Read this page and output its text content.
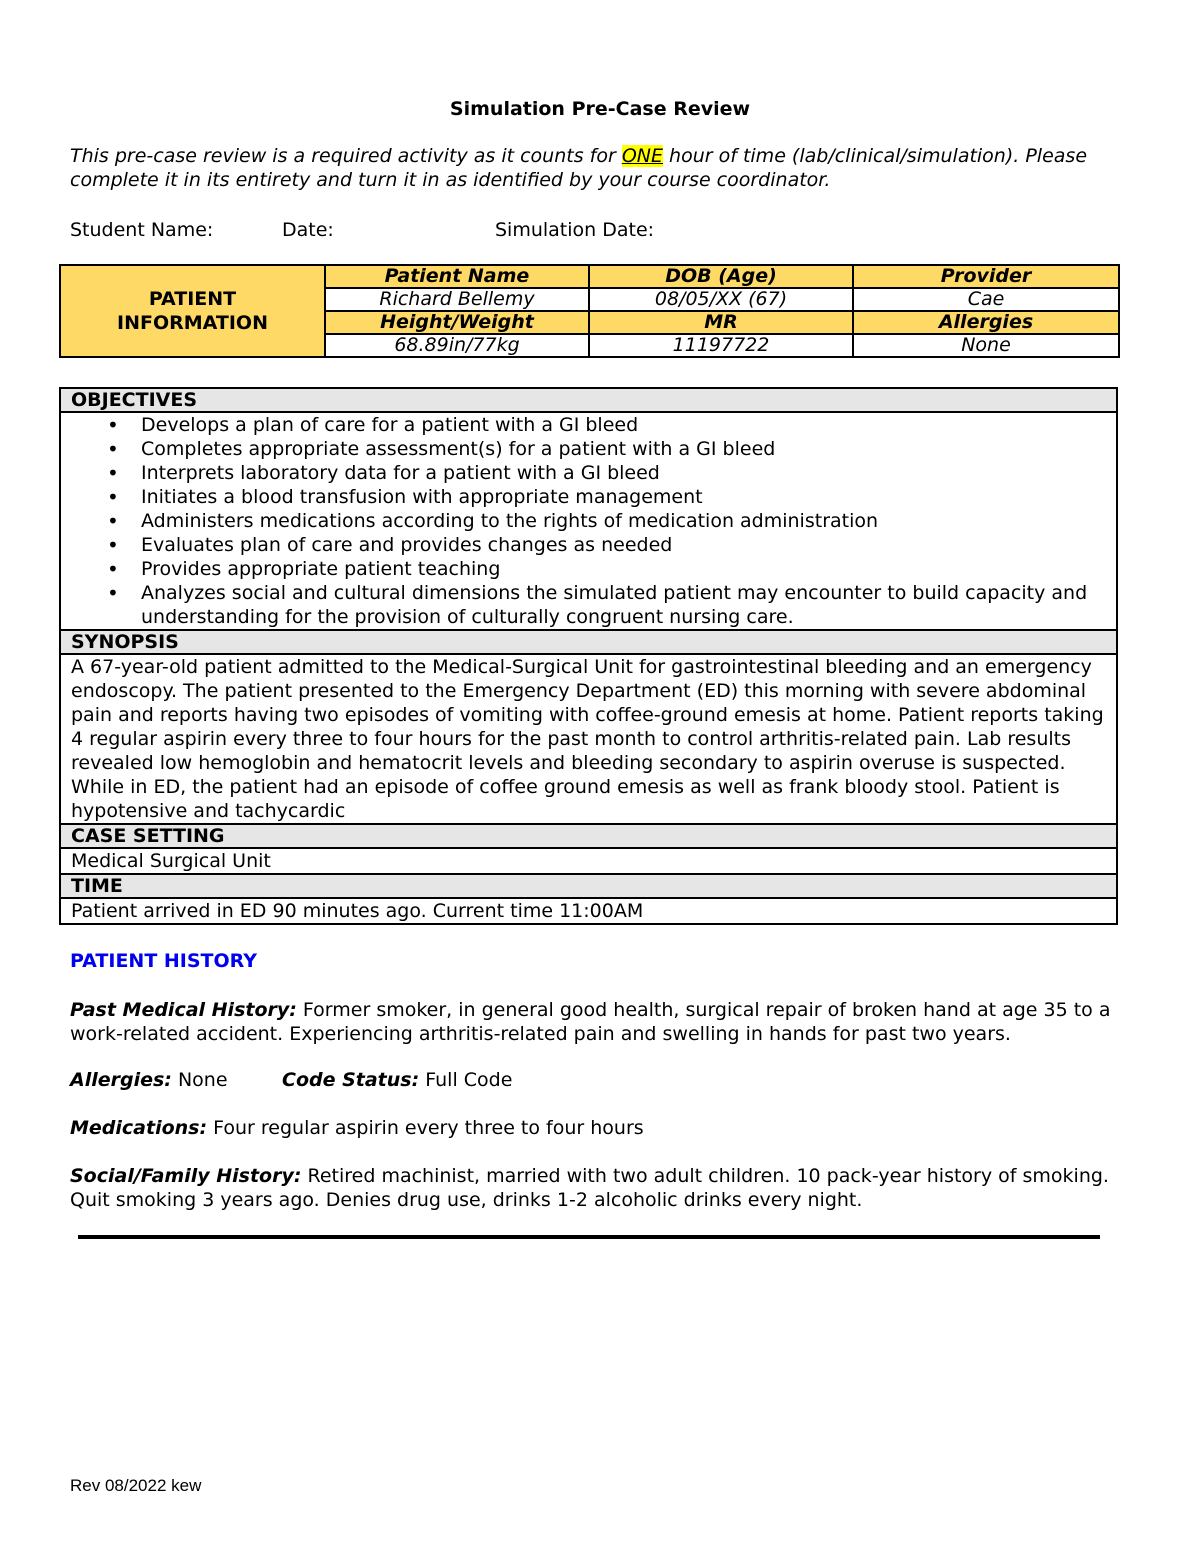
Simulation Pre-Case Review
This pre-case review is a required activity as it counts for ONE hour of time (lab/clinical/simulation). Please complete it in its entirety and turn it in as identified by your course coordinator.
Student Name:	Date:	Simulation Date:
PATIENT
INFORMATION	Patient Name	DOB (Age)	Provider
	Richard Bellemy	08/05/XX (67)	Cae
	Height/Weight	MR	Allergies
	68.89in/77kg	11197722	None
OBJECTIVES

• Develops a plan of care for a patient with a GI bleed
• Completes appropriate assessment(s) for a patient with a GI bleed
• Interprets laboratory data for a patient with a GI bleed
• Initiates a blood transfusion with appropriate management
• Administers medications according to the rights of medication administration
• Evaluates plan of care and provides changes as needed
• Provides appropriate patient teaching
• Analyzes social and cultural dimensions the simulated patient may encounter to build capacity and understanding for the provision of culturally congruent nursing care.

SYNOPSIS
A 67-year-old patient admitted to the Medical-Surgical Unit for gastrointestinal bleeding and an emergency endoscopy. The patient presented to the Emergency Department (ED) this morning with severe abdominal pain and reports having two episodes of vomiting with coffee-ground emesis at home. Patient reports taking 4 regular aspirin every three to four hours for the past month to control arthritis-related pain. Lab results revealed low hemoglobin and hematocrit levels and bleeding secondary to aspirin overuse is suspected. While in ED, the patient had an episode of coffee ground emesis as well as frank bloody stool. Patient is hypotensive and tachycardic
CASE SETTING
Medical Surgical Unit
TIME
Patient arrived in ED 90 minutes ago. Current time 11:00AM
PATIENT HISTORY
Past Medical History: Former smoker, in general good health, surgical repair of broken hand at age 35 to a work-related accident. Experiencing arthritis-related pain and swelling in hands for past two years.
Allergies: None	Code Status: Full Code
Medications: Four regular aspirin every three to four hours
Social/Family History: Retired machinist, married with two adult children. 10 pack-year history of smoking. Quit smoking 3 years ago. Denies drug use, drinks 1-2 alcoholic drinks every night.
Rev 08/2022 kew
